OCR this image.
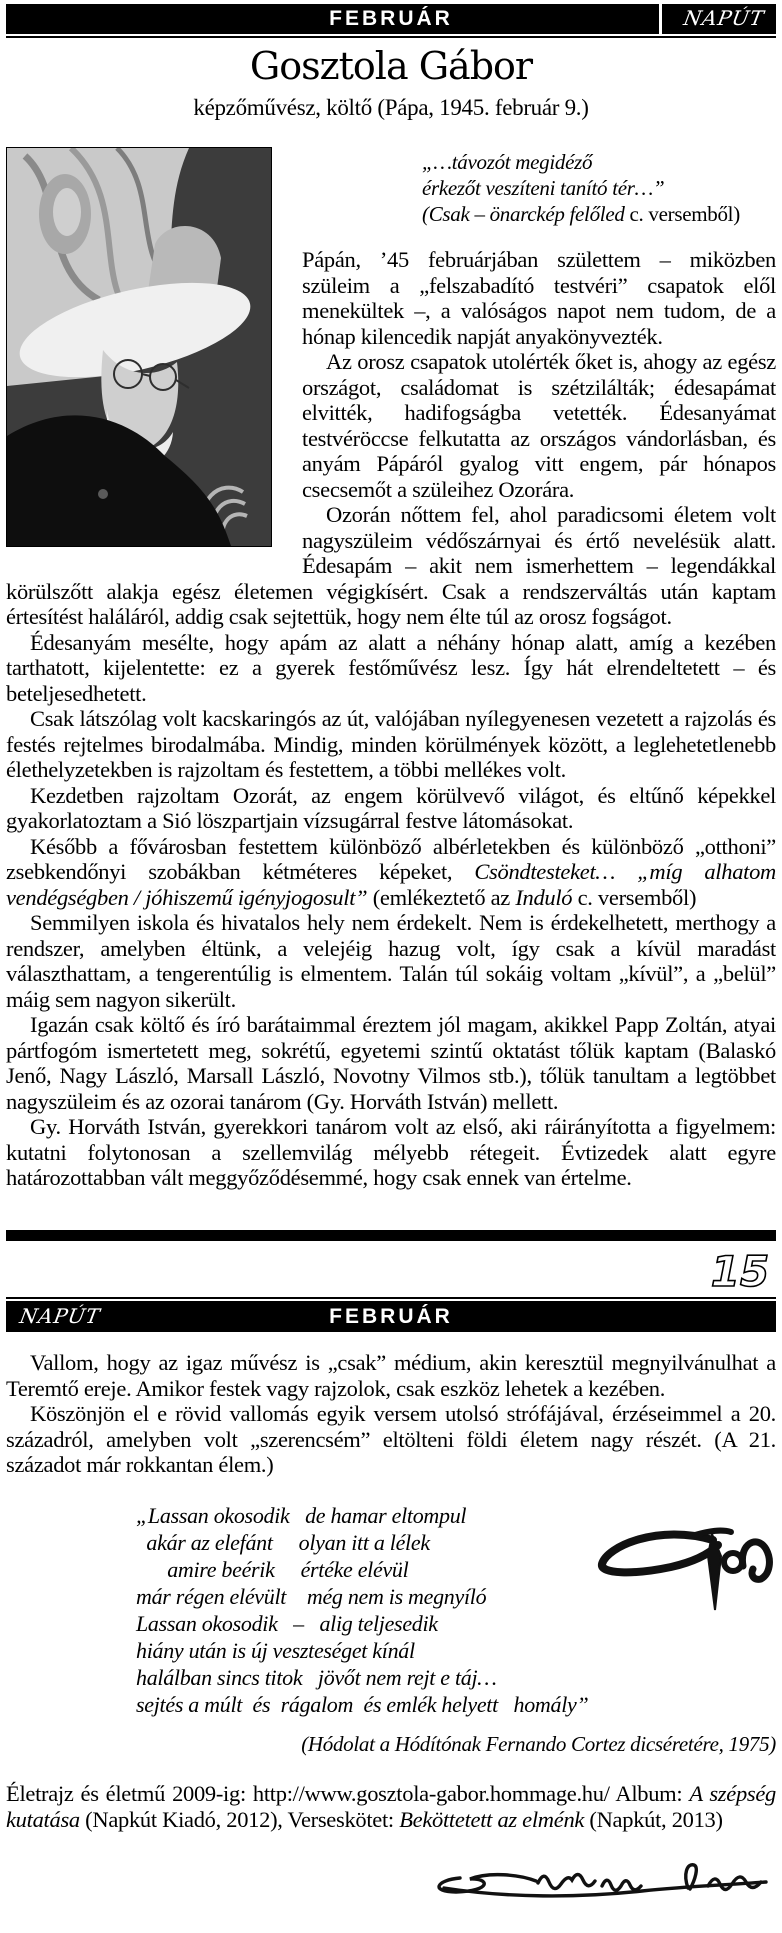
FEBRUÁR	NAPÚT
Gosztola Gábor
képzőművész, költő (Pápa, 1945. február 9.)
„…távozót megidéző
érkezőt veszíteni tanító tér…”
(Csak – önarckép felőled c. versemből)

Pápán, ’45 februárjában születtem – miközben szüleim a „felszabadító testvéri” csapatok elől menekültek –, a valóságos napot nem tudom, de a hónap kilencedik napját anyakönyvezték.

Az orosz csapatok utolérték őket is, ahogy az egész országot, családomat is szétzilálták; édesapámat elvitték, hadifogságba vetették. Édesanyámat testvéröccse felkutatta az országos vándorlásban, és anyám Pápáról gyalog vitt engem, pár hónapos csecsemőt a szüleihez Ozorára.

Ozorán nőttem fel, ahol paradicsomi életem volt nagyszüleim védőszárnyai és értő nevelésük alatt. Édesapám – akit nem ismerhettem – legendákkal körülszőtt alakja egész életemen végigkísért. Csak a rendszerváltás után kaptam értesítést haláláról, addig csak sejtettük, hogy nem élte túl az orosz fogságot.

Édesanyám mesélte, hogy apám az alatt a néhány hónap alatt, amíg a kezében tarthatott, kijelentette: ez a gyerek festőművész lesz. Így hát elrendeltetett – és beteljesedhetett.

Csak látszólag volt kacskaringós az út, valójában nyílegyenesen vezetett a rajzolás és festés rejtelmes birodalmába. Mindig, minden körülmények között, a leglehetetlenebb élethelyzetekben is rajzoltam és festettem, a többi mellékes volt.

Kezdetben rajzoltam Ozorát, az engem körülvevő világot, és eltűnő képekkel gyakorlatoztam a Sió löszpartjain vízsugárral festve látomásokat.

Később a fővárosban festettem különböző albérletekben és különböző „otthoni” zsebkendőnyi szobákban kétméteres képeket, Csöndtesteket… „míg alhatom vendégségben / jóhiszemű igényjogosult” (emlékeztető az Induló c. versemből)

Semmilyen iskola és hivatalos hely nem érdekelt. Nem is érdekelhetett, merthogy a rendszer, amelyben éltünk, a velejéig hazug volt, így csak a kívül maradást választhattam, a tengerentúlig is elmentem. Talán túl sokáig voltam „kívül”, a „belül” máig sem nagyon sikerült.

Igazán csak költő és író barátaimmal éreztem jól magam, akikkel Papp Zoltán, atyai pártfogóm ismertetett meg, sokrétű, egyetemi szintű oktatást tőlük kaptam (Balaskó Jenő, Nagy László, Marsall László, Novotny Vilmos stb.), tőlük tanultam a legtöbbet nagyszüleim és az ozorai tanárom (Gy. Horváth István) mellett.

Gy. Horváth István, gyerekkori tanárom volt az első, aki ráirányította a figyelmem: kutatni folytonosan a szellemvilág mélyebb rétegeit. Évtizedek alatt egyre határozottabban vált meggyőződésemmé, hogy csak ennek van értelme.

15
NAPÚT	FEBRUÁR

Vallom, hogy az igaz művész is „csak” médium, akin keresztül megnyilvánulhat a Teremtő ereje. Amikor festek vagy rajzolok, csak eszköz lehetek a kezében.

Köszönjön el e rövid vallomás egyik versem utolsó strófájával, érzéseimmel a 20. századról, amelyben volt „szerencsém” eltölteni földi életem nagy részét. (A 21. századot már rokkantan élem.)

„Lassan okosodik   de hamar eltompul
akár az elefánt     olyan itt a lélek
amire beérik     értéke elévül
már régen elévült    még nem is megnyíló
Lassan okosodik   –   alig teljesedik
hiány után is új veszteséget kínál
halálban sincs titok   jövőt nem rejt e táj…
sejtés a múlt  és  rágalom  és emlék helyett   homály”
(Hódolat a Hódítónak Fernando Cortez dicséretére, 1975)

Életrajz és életmű 2009-ig: http://www.gosztola-gabor.hommage.hu/ Album: A szépség kutatása (Napkút Kiadó, 2012), Verseskötet: Beköttetett az elménk (Napkút, 2013)
